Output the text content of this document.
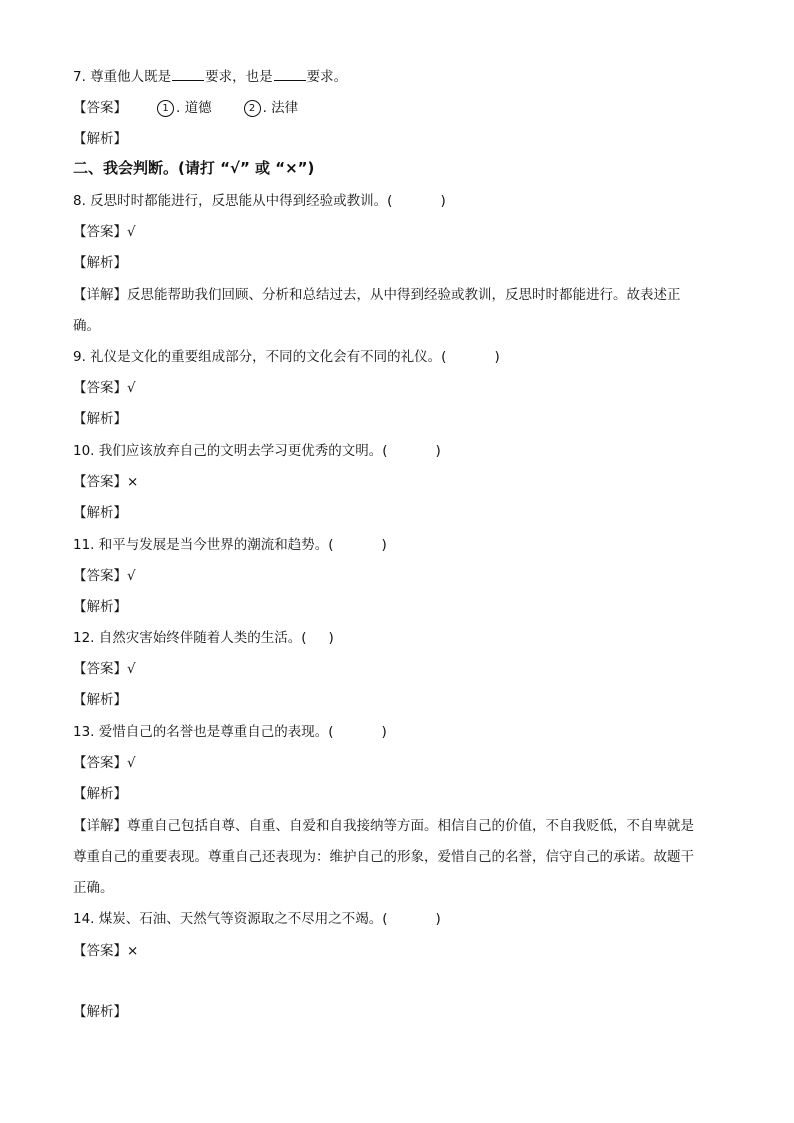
7. 尊重他人既是	要求，也是	要求。
【答案】	1 . 道德	2 . 法律
【解析】
二、我会判断。(请打 “√” 或 “×”)
8. 反思时时都能进行，反思能从中得到经验或教训。(	)
【答案】√
【解析】
【详解】反思能帮助我们回顾、分析和总结过去，从中得到经验或教训，反思时时都能进行。故表述正
确。
9. 礼仪是文化的重要组成部分，不同的文化会有不同的礼仪。(	)
【答案】√
【解析】
10. 我们应该放弃自己的文明去学习更优秀的文明。(	)
【答案】×
【解析】
11. 和平与发展是当今世界的潮流和趋势。(	)
【答案】√
【解析】
12. 自然灾害始终伴随着人类的生活。( )
【答案】√
【解析】
13. 爱惜自己的名誉也是尊重自己的表现。(	)
【答案】√
【解析】
【详解】尊重自己包括自尊、自重、自爱和自我接纳等方面。相信自己的价值，不自我贬低，不自卑就是
尊重自己的重要表现。尊重自己还表现为：维护自己的形象，爱惜自己的名誉，信守自己的承诺。故题干
正确。
14. 煤炭、石油、天然气等资源取之不尽用之不竭。(	)
【答案】×
【解析】
